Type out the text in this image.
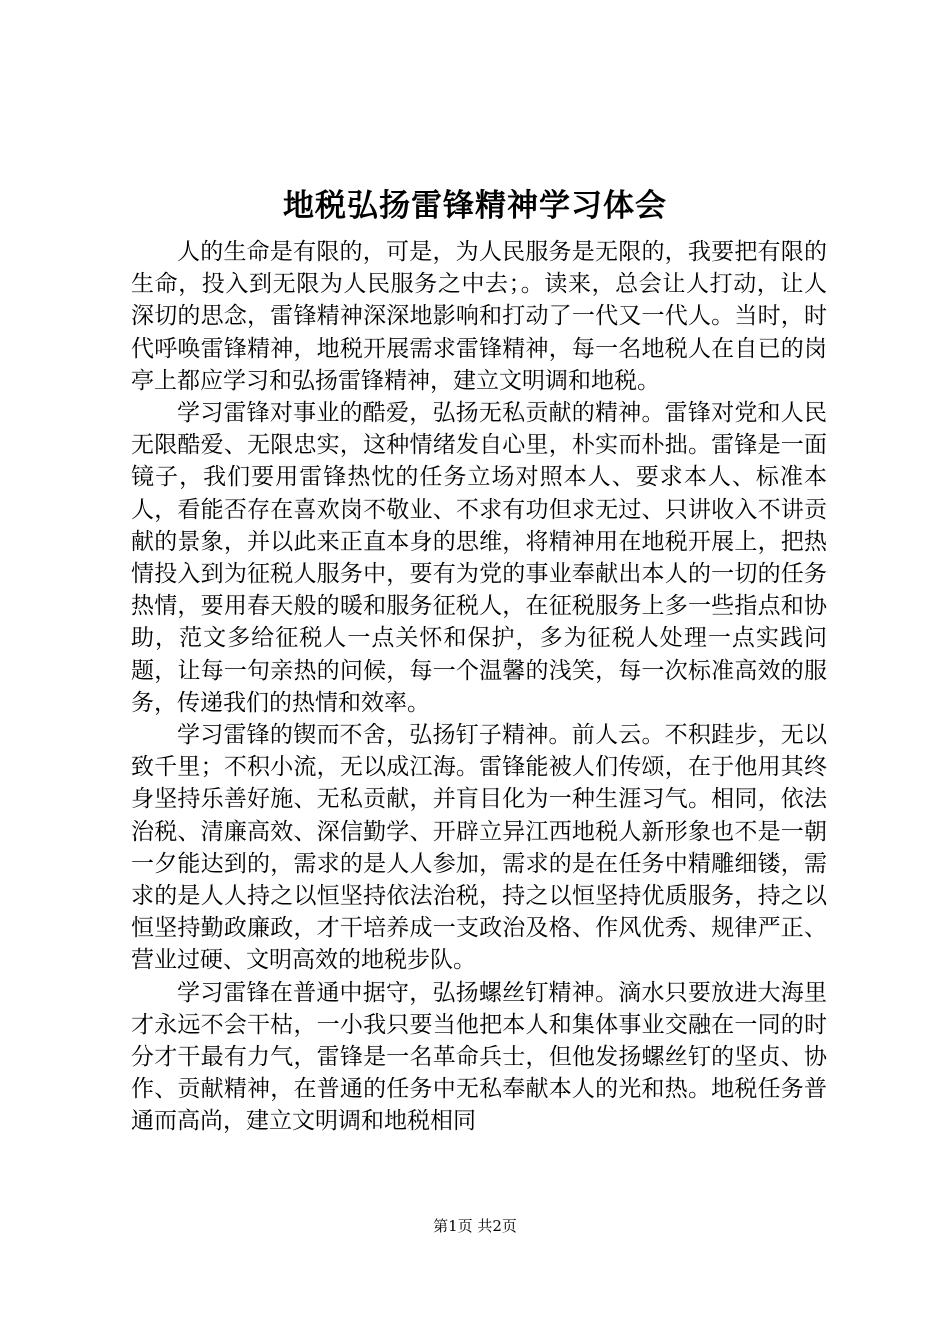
地税弘扬雷锋精神学习体会

人的生命是有限的，可是，为人民服务是无限的，我要把有限的生命，投入到无限为人民服务之中去；。读来，总会让人打动，让人深切的思念，雷锋精神深深地影响和打动了一代又一代人。当时，时代呼唤雷锋精神，地税开展需求雷锋精神，每一名地税人在自已的岗亭上都应学习和弘扬雷锋精神，建立文明调和地税。

学习雷锋对事业的酷爱，弘扬无私贡献的精神。雷锋对党和人民无限酷爱、无限忠实，这种情绪发自心里，朴实而朴拙。雷锋是一面镜子，我们要用雷锋热忱的任务立场对照本人、要求本人、标准本人，看能否存在喜欢岗不敬业、不求有功但求无过、只讲收入不讲贡献的景象，并以此来正直本身的思维，将精神用在地税开展上，把热情投入到为征税人服务中，要有为党的事业奉献出本人的一切的任务热情，要用春天般的暖和服务征税人，在征税服务上多一些指点和协助，范文多给征税人一点关怀和保护，多为征税人处理一点实践问题，让每一句亲热的问候，每一个温馨的浅笑，每一次标准高效的服务，传递我们的热情和效率。

学习雷锋的锲而不舍，弘扬钉子精神。前人云。不积跬步，无以致千里；不积小流，无以成江海。雷锋能被人们传颂，在于他用其终身坚持乐善好施、无私贡献，并肓目化为一种生涯习气。相同，依法治税、清廉高效、深信勤学、开辟立异江西地税人新形象也不是一朝一夕能达到的，需求的是人人参加，需求的是在任务中精雕细镂，需求的是人人持之以恒坚持依法治税，持之以恒坚持优质服务，持之以恒坚持勤政廉政，才干培养成一支政治及格、作风优秀、规律严正、营业过硬、文明高效的地税步队。

学习雷锋在普通中据守，弘扬螺丝钉精神。滴水只要放进大海里才永远不会干枯，一小我只要当他把本人和集体事业交融在一同的时分才干最有力气，雷锋是一名革命兵士，但他发扬螺丝钉的坚贞、协作、贡献精神，在普通的任务中无私奉献本人的光和热。地税任务普通而高尚，建立文明调和地税相同

第1页 共2页
